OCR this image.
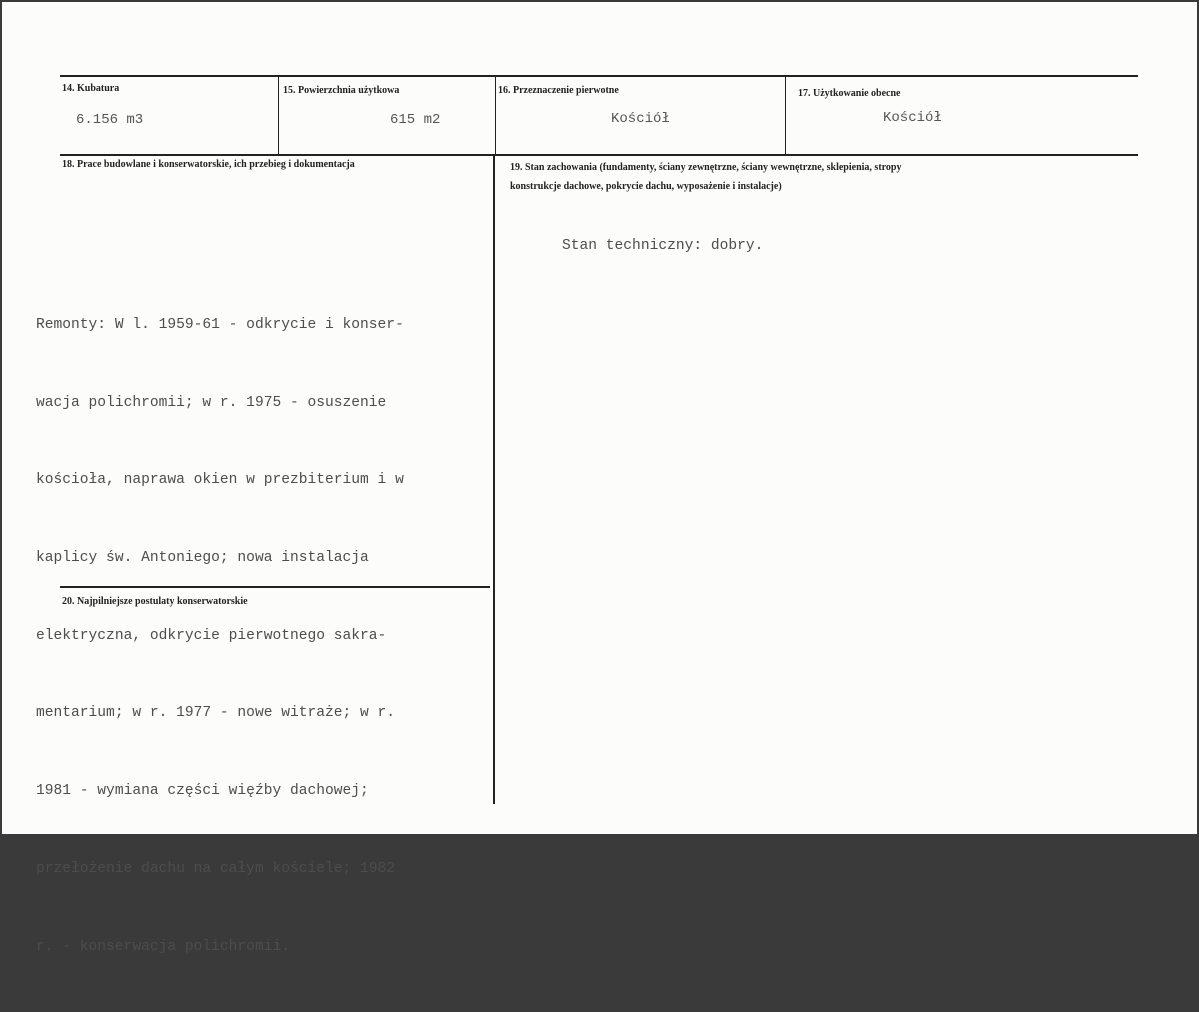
14. Kubatura
6.156 m3
15. Powierzchnia użytkowa
615 m2
16. Przeznaczenie pierwotne
Kościół
17. Użytkowanie obecne
Kościół
18. Prace budowlane i konserwatorskie, ich przebieg i dokumentacja

Remonty: W l. 1959-61 - odkrycie i konser-

wacja polichromii; w r. 1975 - osuszenie

kościoła, naprawa okien w prezbiterium i w

kaplicy św. Antoniego; nowa instalacja

elektryczna, odkrycie pierwotnego sakra-

mentarium; w r. 1977 - nowe witraże; w r.

1981 - wymiana części więźby dachowej;

przełożenie dachu na całym kościele; 1982

r. - konserwacja polichromii.

19. Stan zachowania (fundamenty, ściany zewnętrzne, ściany wewnętrzne, sklepienia, stropy
konstrukcje dachowe, pokrycie dachu, wyposażenie i instalacje)
Stan techniczny: dobry.
20. Najpilniejsze postulaty konserwatorskie
